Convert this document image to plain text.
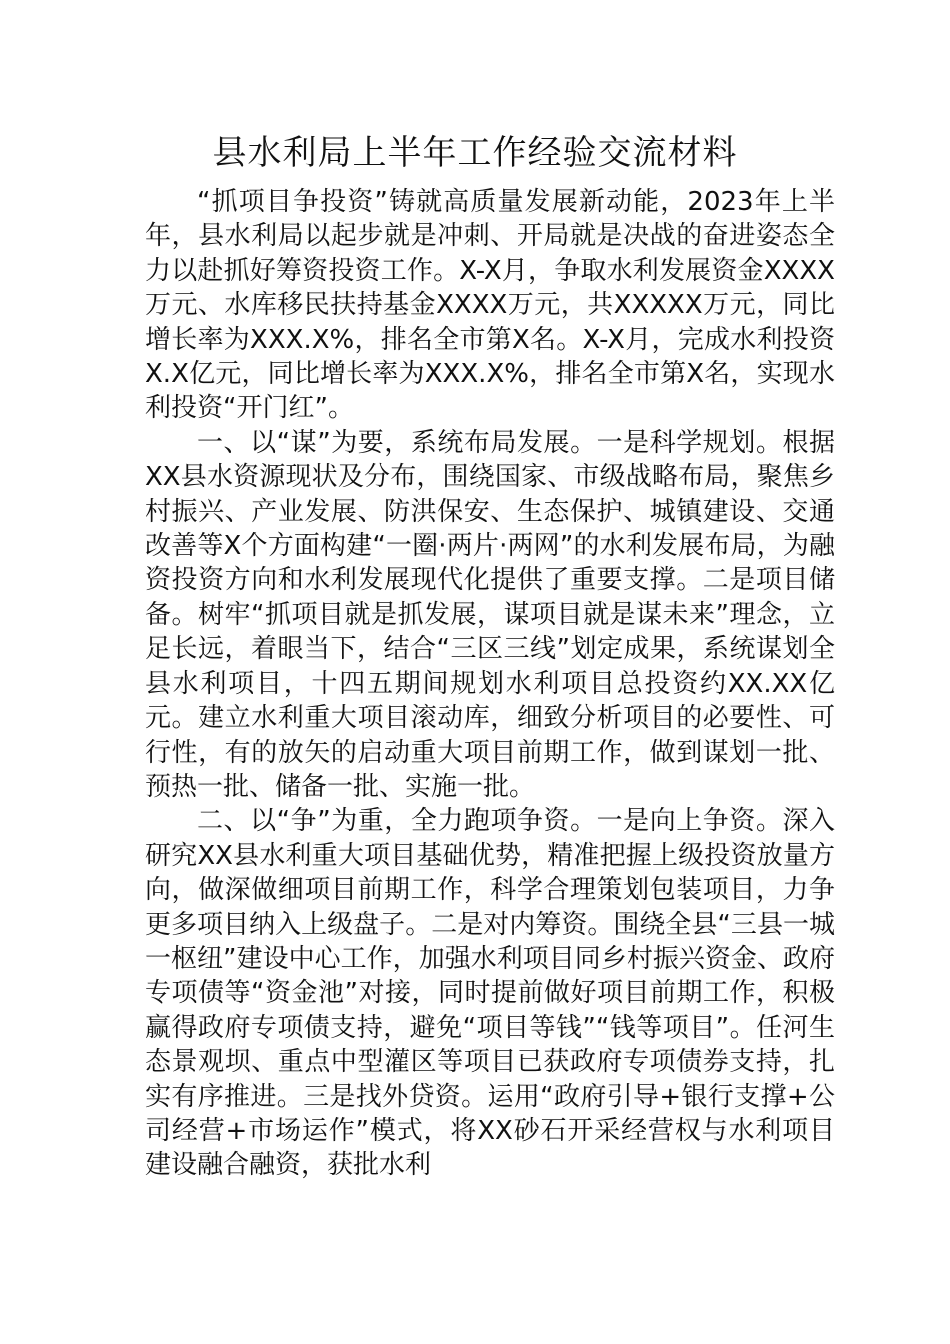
县水利局上半年工作经验交流材料

“抓项目争投资”铸就高质量发展新动能，2023年上半年，县水利局以起步就是冲刺、开局就是决战的奋进姿态全力以赴抓好筹资投资工作。X-X月，争取水利发展资金XXXX万元、水库移民扶持基金XXXX万元，共XXXXX万元，同比增长率为XXX.X%，排名全市第X名。X-X月，完成水利投资X.X亿元，同比增长率为XXX.X%，排名全市第X名，实现水利投资“开门红”。

一、以“谋”为要，系统布局发展。一是科学规划。根据XX县水资源现状及分布，围绕国家、市级战略布局，聚焦乡村振兴、产业发展、防洪保安、生态保护、城镇建设、交通改善等X个方面构建“一圈·两片·两网”的水利发展布局，为融资投资方向和水利发展现代化提供了重要支撑。二是项目储备。树牢“抓项目就是抓发展，谋项目就是谋未来”理念，立足长远，着眼当下，结合“三区三线”划定成果，系统谋划全县水利项目，十四五期间规划水利项目总投资约XX.XX亿元。建立水利重大项目滚动库，细致分析项目的必要性、可行性，有的放矢的启动重大项目前期工作，做到谋划一批、预热一批、储备一批、实施一批。

二、以“争”为重，全力跑项争资。一是向上争资。深入研究XX县水利重大项目基础优势，精准把握上级投资放量方向，做深做细项目前期工作，科学合理策划包装项目，力争更多项目纳入上级盘子。二是对内筹资。围绕全县“三县一城一枢纽”建设中心工作，加强水利项目同乡村振兴资金、政府专项债等“资金池”对接，同时提前做好项目前期工作，积极赢得政府专项债支持，避免“项目等钱”“钱等项目”。任河生态景观坝、重点中型灌区等项目已获政府专项债券支持，扎实有序推进。三是找外贷资。运用“政府引导+银行支撑+公司经营+市场运作”模式，将XX砂石开采经营权与水利项目建设融合融资，获批水利
